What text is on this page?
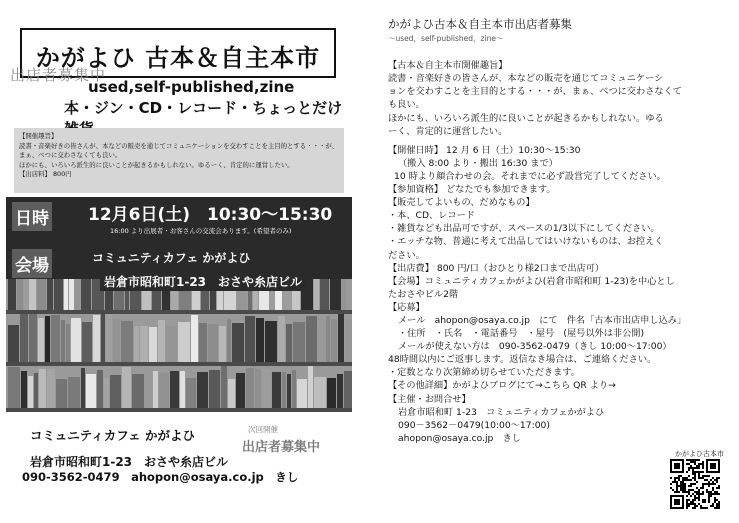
かがよひ 古本＆自主本市
出店者募集中
used,self-published,zine
本・ジン・CD・レコード・ちょっとだけ
【開催趣旨】
読書・音楽好きの皆さんが、本などの販売を通じてコミュニケーションを交わすことを主目的とする・・・が、
まぁ、べつに交わさなくても良い。
ほかにも、いろいろ派生的に良いことが起きるかもしれない。ゆるーく、肯定的に運営したい。
【出店料】 800円
日時 12月6日(土)　10:30～15:30
16:00 より出展者・お客さんの交流会あります。(希望者のみ)
会場	コミュニティカフェ かがよひ
岩倉市昭和町1-23　おさや糸店ビル
コミュニティカフェ かがよひ	次回開催
出店者募集中
岩倉市昭和町1-23　おさや糸店ビル
090-3562-0479　ahopon@osaya.co.jp　きし
かがよひ古本＆自主本市出店者募集
～used，self-published，zine～
【古本＆自主本市開催趣旨】
読書・音楽好きの皆さんが、本などの販売を通じてコミュニケーシ
ョンを交わすことを主目的とする・・・が、まぁ、べつに交わさなくて
も良い。
ほかにも、いろいろ派生的に良いことが起きるかもしれない。ゆる
ーく、肯定的に運営したい。
【開催日時】 12 月 6 日（土）10:30～15:30
（搬入 8:00 より・搬出 16:30 まで）
10 時より顔合わせの会。それまでに必ず設営完了してください。
【参加資格】 どなたでも参加できます。
【販売してよいもの、だめなもの】
・本、CD、レコード
・雑貨なども出品可ですが、スペースの1/3以下にしてください。
・エッチな物、普通に考えて出品してはいけないものは、お控えく
ださい。
【出店費】 800 円/口（おひとり様2口まで出店可）
【会場】コミュニティカフェかがよひ(岩倉市昭和町 1-23)を中心とし
たおさやビル2階
【応募】
メール　ahopon@osaya.co.jp　にて　件名「古本市出店申し込み」
・住所　・氏名　・電話番号　・屋号　(屋号以外は非公開)
メールが使えない方は　090-3562-0479（きし 10:00～17:00）
48時間以内にご返事します。返信なき場合は、ご連絡ください。
・定数となり次第締め切らせていただきます。
【その他詳細】かがよひブログにて→こちら QR より→
【主催・お問合せ】
岩倉市昭和町 1-23　コミュニティカフェかがよひ
090－3562－0479(10:00～17:00)
ahopon@osaya.co.jp　きし
かがよひ古本市
